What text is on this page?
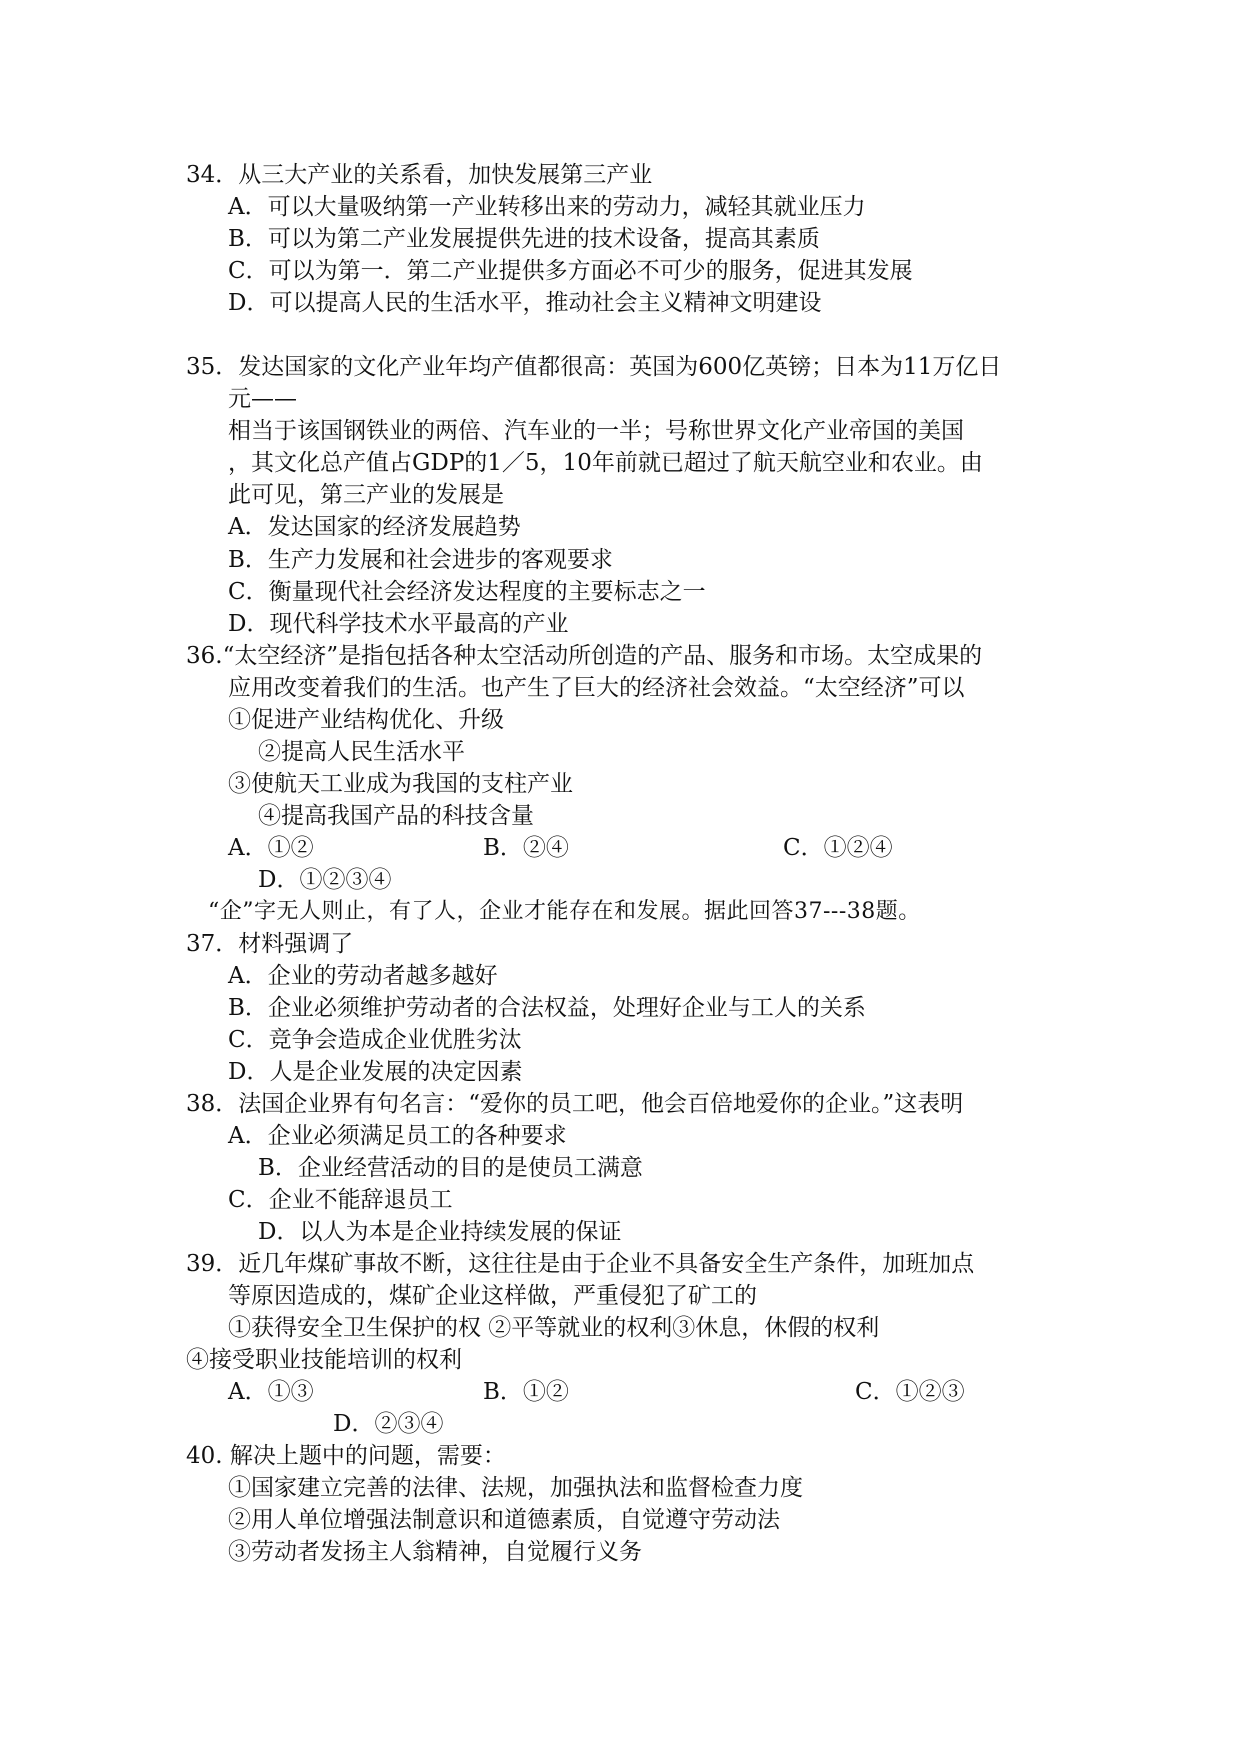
34．从三大产业的关系看，加快发展第三产业
A．可以大量吸纳第一产业转移出来的劳动力，减轻其就业压力
B．可以为第二产业发展提供先进的技术设备，提高其素质
C．可以为第一．第二产业提供多方面必不可少的服务，促进其发展
D．可以提高人民的生活水平，推动社会主义精神文明建设
35．发达国家的文化产业年均产值都很高：英国为600亿英镑；日本为11万亿日
元——
相当于该国钢铁业的两倍、汽车业的一半；号称世界文化产业帝国的美国
，其文化总产值占GDP的1／5，10年前就已超过了航天航空业和农业。由
此可见，第三产业的发展是
A．发达国家的经济发展趋势
B．生产力发展和社会进步的客观要求
C．衡量现代社会经济发达程度的主要标志之一
D．现代科学技术水平最高的产业
36.“太空经济”是指包括各种太空活动所创造的产品、服务和市场。太空成果的
应用改变着我们的生活。也产生了巨大的经济社会效益。“太空经济”可以
①促进产业结构优化、升级
②提高人民生活水平
③使航天工业成为我国的支柱产业
④提高我国产品的科技含量
A．①②	B．②④	C．①②④
D．①②③④
“企”字无人则止，有了人，企业才能存在和发展。据此回答37---38题。
37．材料强调了
A．企业的劳动者越多越好
B．企业必须维护劳动者的合法权益，处理好企业与工人的关系
C．竞争会造成企业优胜劣汰
D．人是企业发展的决定因素
38．法国企业界有句名言：“爱你的员工吧，他会百倍地爱你的企业。”这表明
A．企业必须满足员工的各种要求
B．企业经营活动的目的是使员工满意
C．企业不能辞退员工
D．以人为本是企业持续发展的保证
39．近几年煤矿事故不断，这往往是由于企业不具备安全生产条件，加班加点
等原因造成的，煤矿企业这样做，严重侵犯了矿工的
①获得安全卫生保护的权 ②平等就业的权利③休息，休假的权利
④接受职业技能培训的权利
A．①③	B．①②	C．①②③
D．②③④
40. 解决上题中的问题，需要：
①国家建立完善的法律、法规，加强执法和监督检查力度
②用人单位增强法制意识和道德素质，自觉遵守劳动法
③劳动者发扬主人翁精神，自觉履行义务
